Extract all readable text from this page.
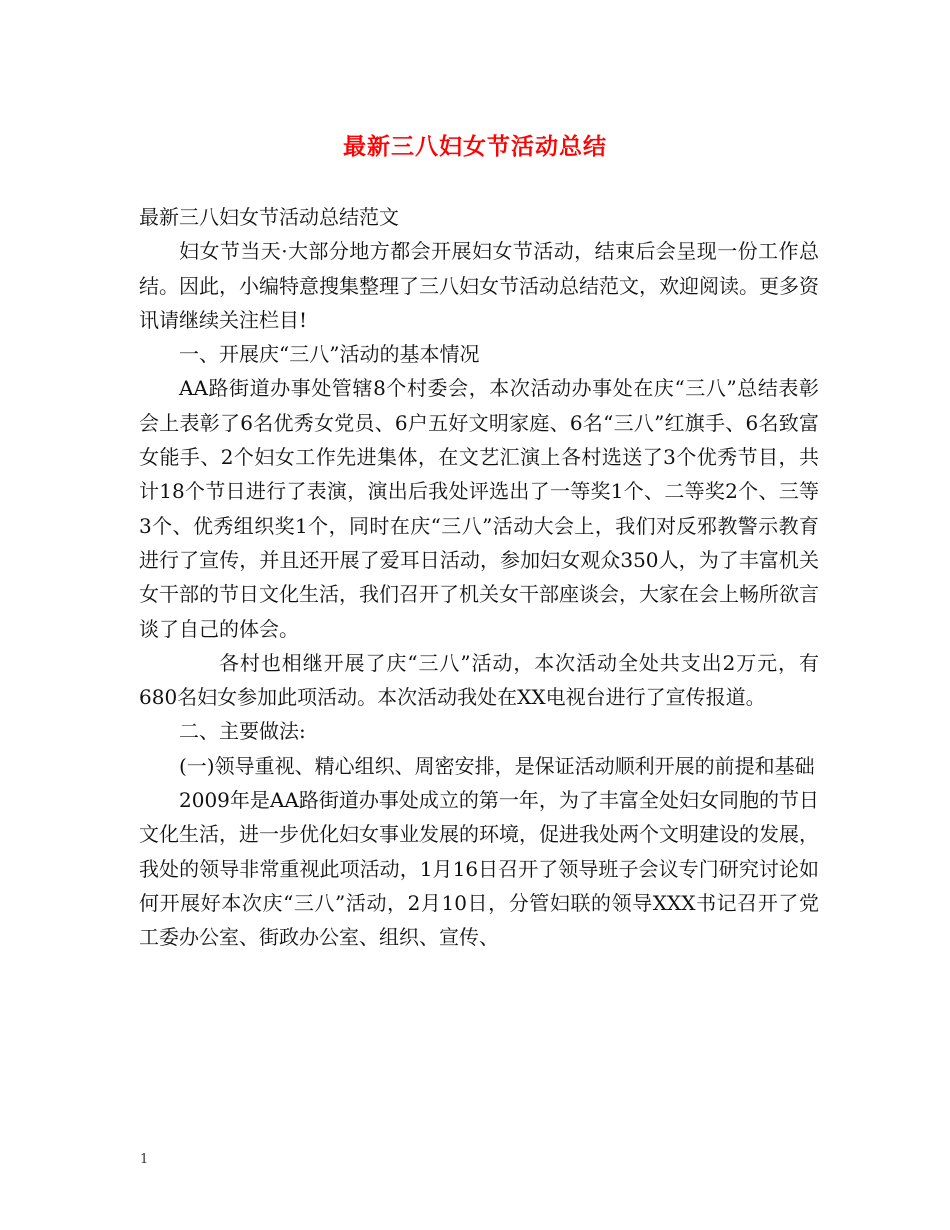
最新三八妇女节活动总结

最新三八妇女节活动总结范文

妇女节当天·大部分地方都会开展妇女节活动，结束后会呈现一份工作总结。因此，小编特意搜集整理了三八妇女节活动总结范文，欢迎阅读。更多资讯请继续关注栏目!

一、开展庆“三八”活动的基本情况

AA路街道办事处管辖8个村委会，本次活动办事处在庆“三八”总结表彰会上表彰了6名优秀女党员、6户五好文明家庭、6名“三八”红旗手、6名致富女能手、2个妇女工作先进集体，在文艺汇演上各村选送了3个优秀节目，共计18个节日进行了表演，演出后我处评选出了一等奖1个、二等奖2个、三等3个、优秀组织奖1个，同时在庆“三八”活动大会上，我们对反邪教警示教育进行了宣传，并且还开展了爱耳日活动，参加妇女观众350人，为了丰富机关女干部的节日文化生活，我们召开了机关女干部座谈会，大家在会上畅所欲言谈了自己的体会。

各村也相继开展了庆“三八”活动，本次活动全处共支出2万元，有680名妇女参加此项活动。本次活动我处在XX电视台进行了宣传报道。

二、主要做法:

(一)领导重视、精心组织、周密安排，是保证活动顺利开展的前提和基础

2009年是AA路街道办事处成立的第一年，为了丰富全处妇女同胞的节日文化生活，进一步优化妇女事业发展的环境，促进我处两个文明建设的发展，我处的领导非常重视此项活动，1月16日召开了领导班子会议专门研究讨论如何开展好本次庆“三八”活动，2月10日，分管妇联的领导XXX书记召开了党工委办公室、街政办公室、组织、宣传、

1
